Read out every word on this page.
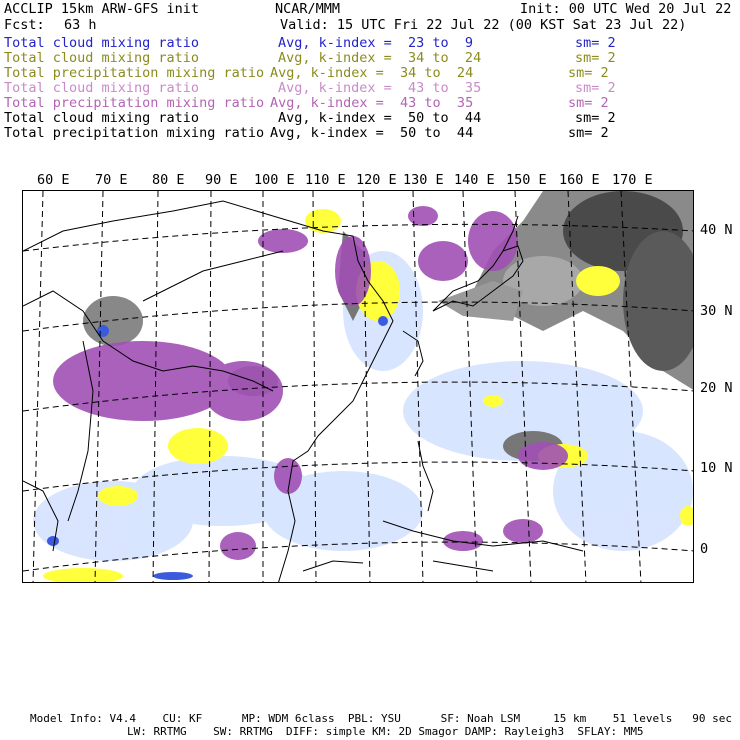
ACCLIP 15km ARW-GFS init	NCAR/MMM	Init: 00 UTC Wed 20 Jul 22
Fcst: 63 h	Valid: 15 UTC Fri 22 Jul 22 (00 KST Sat 23 Jul 22)
Total cloud mixing ratio	Avg, k-index =  23 to  9	sm= 2
Total cloud mixing ratio	Avg, k-index =  34 to  24	sm= 2
Total precipitation mixing ratio Avg, k-index =  34 to  24	sm= 2
Total cloud mixing ratio	Avg, k-index =  43 to  35	sm= 2
Total precipitation mixing ratio Avg, k-index =  43 to  35	sm= 2
Total cloud mixing ratio	Avg, k-index =  50 to  44	sm= 2
Total precipitation mixing ratio Avg, k-index =  50 to  44	sm= 2
60 E 70 E 80 E 90 E 100 E 110 E 120 E 130 E 140 E 150 E 160 E 170 E
40 N
30 N
20 N
10 N
0
Model Info: V4.4    CU: KF      MP: WDM 6class  PBL: YSU      SF: Noah LSM     15 km    51 levels   90 sec
LW: RRTMG    SW: RRTMG  DIFF: simple KM: 2D Smagor DAMP: Rayleigh3  SFLAY: MM5
